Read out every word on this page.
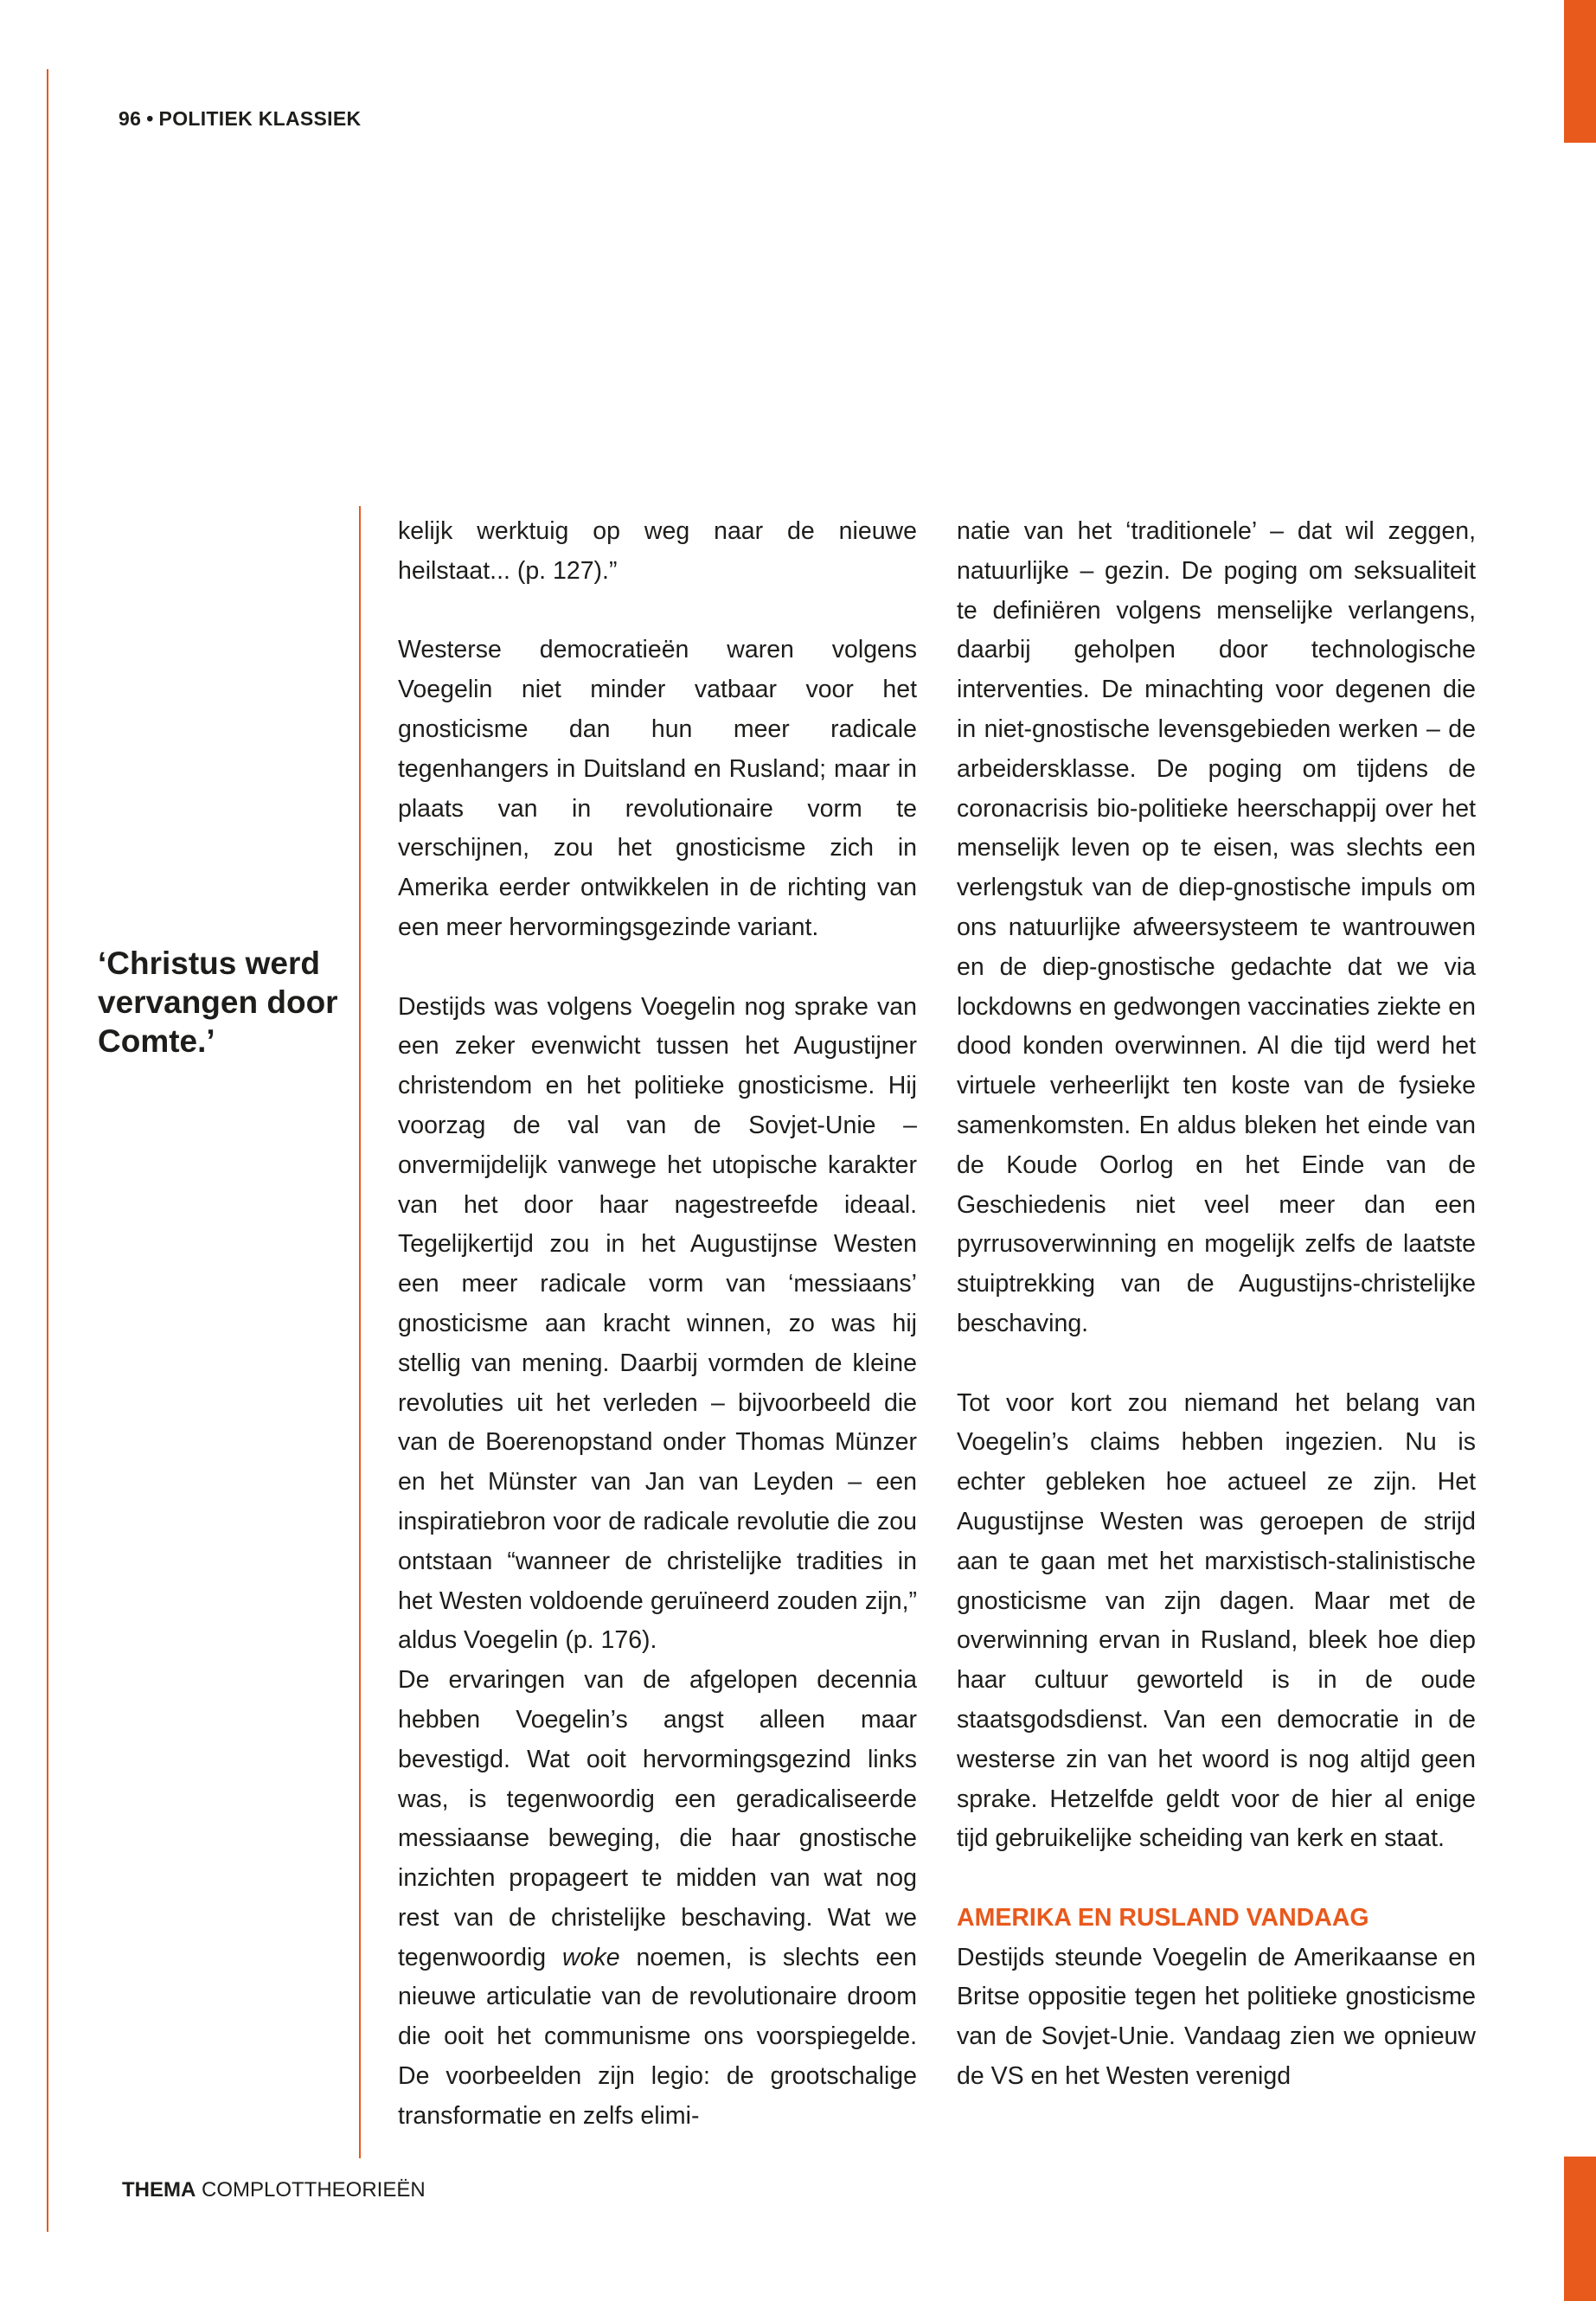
96 • POLITIEK KLASSIEK
‘Christus werd vervangen door Comte.’

kelijk werktuig op weg naar de nieuwe heilstaat... (p. 127).”

Westerse democratieën waren volgens Voegelin niet minder vatbaar voor het gnosticisme dan hun meer radicale tegenhangers in Duitsland en Rusland; maar in plaats van in revolutionaire vorm te verschijnen, zou het gnosticisme zich in Amerika eerder ontwikkelen in de richting van een meer hervormingsgezinde variant.

Destijds was volgens Voegelin nog sprake van een zeker evenwicht tussen het Augustijner christendom en het politieke gnosticisme. Hij voorzag de val van de Sovjet-Unie – onvermijdelijk vanwege het utopische karakter van het door haar nagestreefde ideaal. Tegelijkertijd zou in het Augustijnse Westen een meer radicale vorm van ‘messiaans’ gnosticisme aan kracht winnen, zo was hij stellig van mening. Daarbij vormden de kleine revoluties uit het verleden – bijvoorbeeld die van de Boerenopstand onder Thomas Münzer en het Münster van Jan van Leyden – een inspiratiebron voor de radicale revolutie die zou ontstaan “wanneer de christelijke tradities in het Westen voldoende geruïneerd zouden zijn,” aldus Voegelin (p. 176).

De ervaringen van de afgelopen decennia hebben Voegelin’s angst alleen maar bevestigd. Wat ooit hervormingsgezind links was, is tegenwoordig een geradicaliseerde messiaanse beweging, die haar gnostische inzichten propageert te midden van wat nog rest van de christelijke beschaving. Wat we tegenwoordig woke noemen, is slechts een nieuwe articulatie van de revolutionaire droom die ooit het communisme ons voorspiegelde. De voorbeelden zijn legio: de grootschalige transformatie en zelfs elimi-

natie van het ‘traditionele’ – dat wil zeggen, natuurlijke – gezin. De poging om seksualiteit te definiëren volgens menselijke verlangens, daarbij geholpen door technologische interventies. De minachting voor degenen die in niet-gnostische levensgebieden werken – de arbeidersklasse. De poging om tijdens de coronacrisis bio-politieke heerschappij over het menselijk leven op te eisen, was slechts een verlengstuk van de diep-gnostische impuls om ons natuurlijke afweersysteem te wantrouwen en de diep-gnostische gedachte dat we via lockdowns en gedwongen vaccinaties ziekte en dood konden overwinnen. Al die tijd werd het virtuele verheerlijkt ten koste van de fysieke samenkomsten. En aldus bleken het einde van de Koude Oorlog en het Einde van de Geschiedenis niet veel meer dan een pyrrusoverwinning en mogelijk zelfs de laatste stuiptrekking van de Augustijns-christelijke beschaving.

Tot voor kort zou niemand het belang van Voegelin’s claims hebben ingezien. Nu is echter gebleken hoe actueel ze zijn. Het Augustijnse Westen was geroepen de strijd aan te gaan met het marxistisch-stalinistische gnosticisme van zijn dagen. Maar met de overwinning ervan in Rusland, bleek hoe diep haar cultuur geworteld is in de oude staatsgodsdienst. Van een democratie in de westerse zin van het woord is nog altijd geen sprake. Hetzelfde geldt voor de hier al enige tijd gebruikelijke scheiding van kerk en staat.

AMERIKA EN RUSLAND VANDAAG

Destijds steunde Voegelin de Amerikaanse en Britse oppositie tegen het politieke gnosticisme van de Sovjet-Unie. Vandaag zien we opnieuw de VS en het Westen verenigd

THEMA COMPLOTTHEORIEËN
